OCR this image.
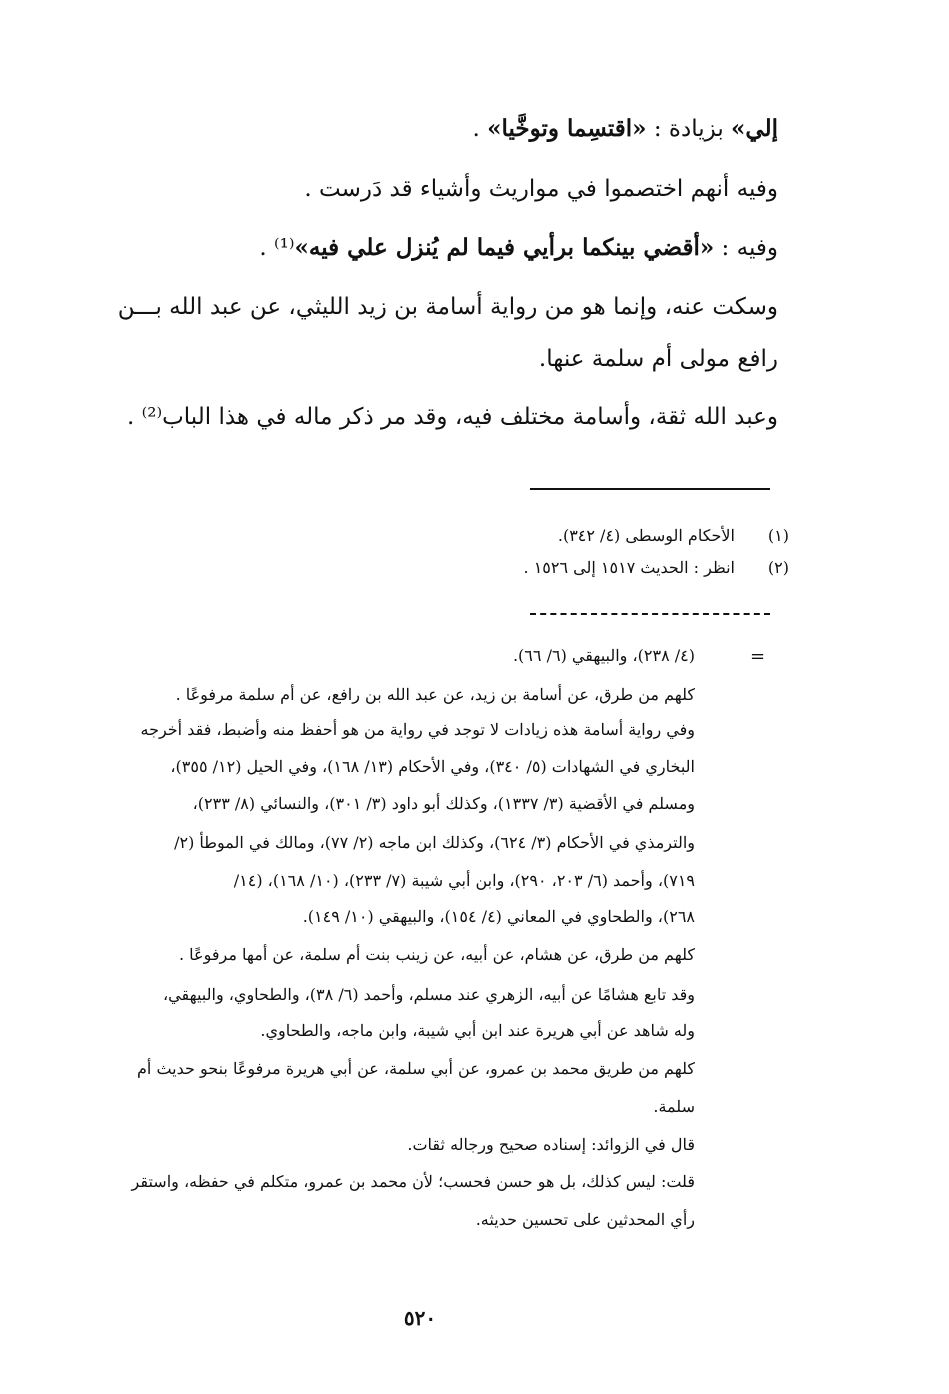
إلي» بزيادة : «اقتسِما وتوخَّيا» .
وفيه أنهم اختصموا في مواريث وأشياء قد دَرست .
وفيه : «أقضي بينكما برأيي فيما لم يُنزل علي فيه»⁽¹⁾ .
وسكت عنه، وإنما هو من رواية أسامة بن زيد الليثي، عن عبد الله بـــن
رافع مولى أم سلمة عنها.
وعبد الله ثقة، وأسامة مختلف فيه، وقد مر ذكر ماله في هذا الباب⁽²⁾ .
(١)
الأحكام الوسطى (٤/ ٣٤٢).
(٢)
انظر : الحديث ١٥١٧ إلى ١٥٢٦ .
=
(٤/ ٢٣٨)، والبيهقي (٦/ ٦٦).
كلهم من طرق، عن أسامة بن زيد، عن عبد الله بن رافع، عن أم سلمة مرفوعًا .
وفي رواية أسامة هذه زيادات لا توجد في رواية من هو أحفظ منه وأضبط، فقد أخرجه
البخاري في الشهادات (٥/ ٣٤٠)، وفي الأحكام (١٣/ ١٦٨)، وفي الحيل (١٢/ ٣٥٥)،
ومسلم في الأقضية (٣/ ١٣٣٧)، وكذلك أبو داود (٣/ ٣٠١)، والنسائي (٨/ ٢٣٣)،
والترمذي في الأحكام (٣/ ٦٢٤)، وكذلك ابن ماجه (٢/ ٧٧)، ومالك في الموطأ (٢/
٧١٩)، وأحمد (٦/ ٢٠٣، ٢٩٠)، وابن أبي شيبة (٧/ ٢٣٣)، (١٠/ ١٦٨)، (١٤/
٢٦٨)، والطحاوي في المعاني (٤/ ١٥٤)، والبيهقي (١٠/ ١٤٩).
كلهم من طرق، عن هشام، عن أبيه، عن زينب بنت أم سلمة، عن أمها مرفوعًا .
وقد تابع هشامًا عن أبيه، الزهري عند مسلم، وأحمد (٦/ ٣٨)، والطحاوي، والبيهقي،
وله شاهد عن أبي هريرة عند ابن أبي شيبة، وابن ماجه، والطحاوي.
كلهم من طريق محمد بن عمرو، عن أبي سلمة، عن أبي هريرة مرفوعًا بنحو حديث أم
سلمة.
قال في الزوائد: إسناده صحيح ورجاله ثقات.
قلت: ليس كذلك، بل هو حسن فحسب؛ لأن محمد بن عمرو، متكلم في حفظه، واستقر
رأي المحدثين على تحسين حديثه.
٥٢٠
